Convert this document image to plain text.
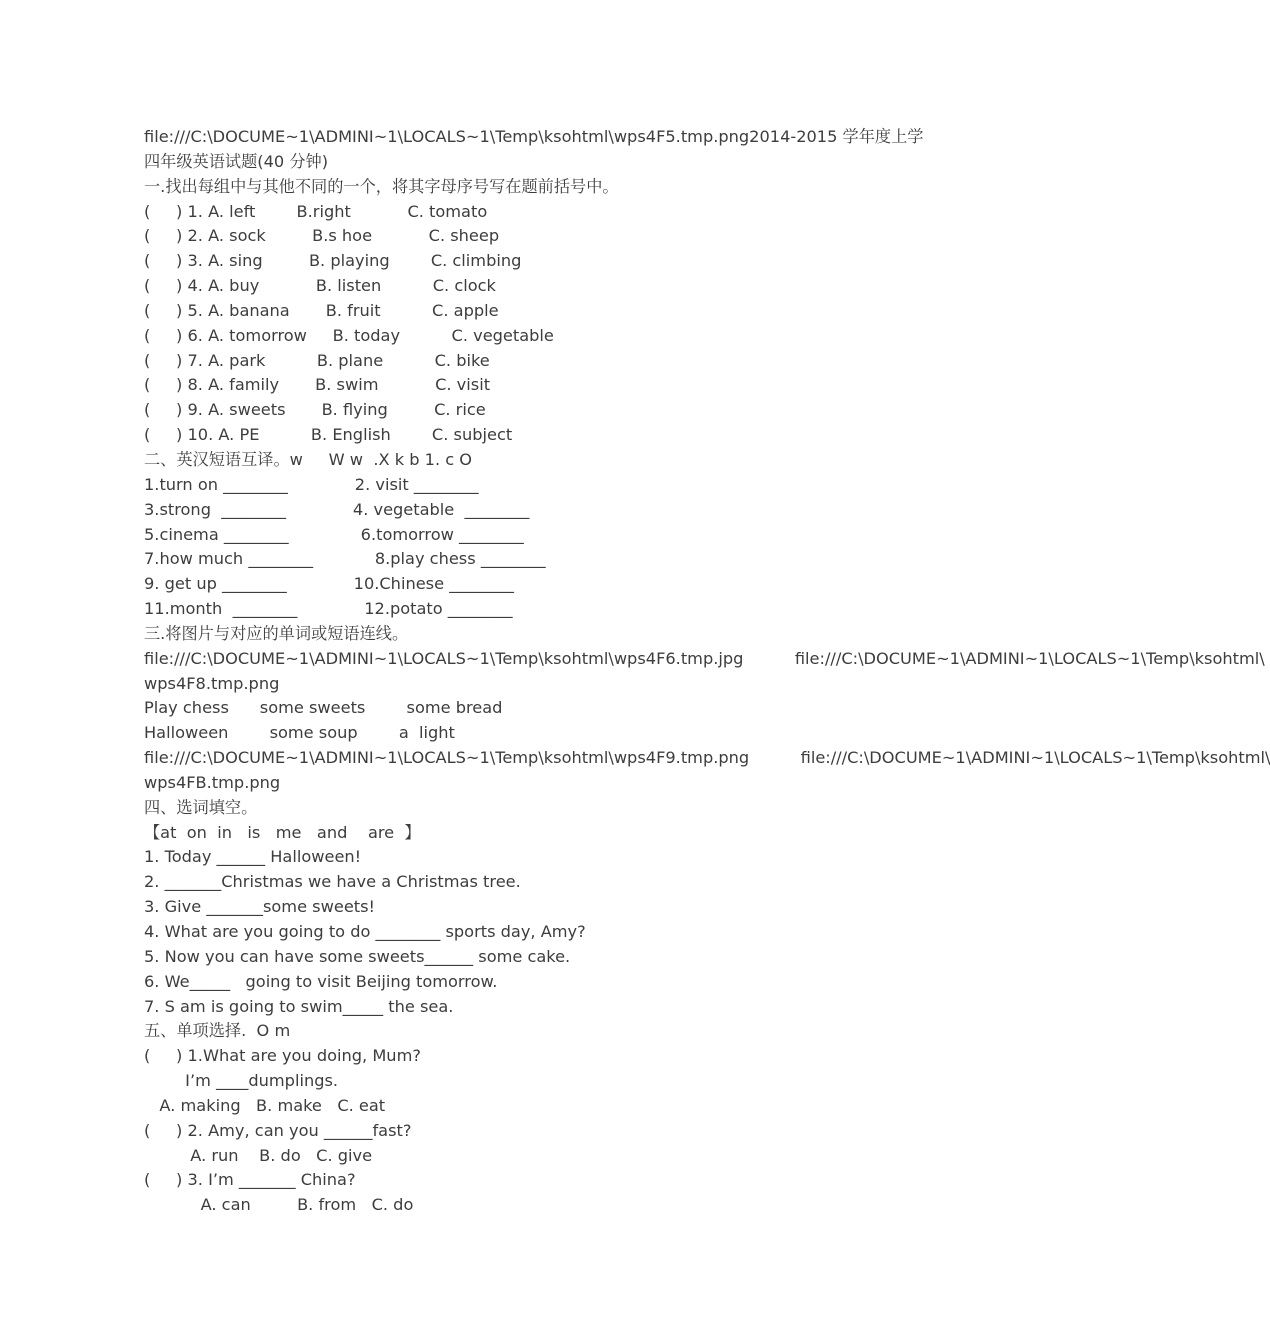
file:///C:\DOCUME~1\ADMINI~1\LOCALS~1\Temp\ksohtml\wps4F5.tmp.png2014-2015 学年度上学
四年级英语试题(40 分钟)
一.找出每组中与其他不同的一个，将其字母序号写在题前括号中。
(     ) 1. A. left        B.right           C. tomato
(     ) 2. A. sock         B.s hoe           C. sheep
(     ) 3. A. sing         B. playing        C. climbing
(     ) 4. A. buy           B. listen          C. clock
(     ) 5. A. banana       B. fruit          C. apple
(     ) 6. A. tomorrow     B. today          C. vegetable
(     ) 7. A. park          B. plane          C. bike
(     ) 8. A. family       B. swim           C. visit
(     ) 9. A. sweets       B. flying         C. rice
(     ) 10. A. PE          B. English        C. subject
二、英汉短语互译。w     W w  .X k b 1. c O
1.turn on ________             2. visit ________
3.strong  ________             4. vegetable  ________
5.cinema ________              6.tomorrow ________
7.how much ________            8.play chess ________
9. get up ________             10.Chinese ________
11.month  ________             12.potato ________
三.将图片与对应的单词或短语连线。
file:///C:\DOCUME~1\ADMINI~1\LOCALS~1\Temp\ksohtml\wps4F6.tmp.jpg          file:///C:\DOCUME~1\ADMINI~1\LOCALS~1\Temp\ksohtml\
wps4F8.tmp.png
Play chess      some sweets        some bread
Halloween        some soup        a  light
file:///C:\DOCUME~1\ADMINI~1\LOCALS~1\Temp\ksohtml\wps4F9.tmp.png          file:///C:\DOCUME~1\ADMINI~1\LOCALS~1\Temp\ksohtml\
wps4FB.tmp.png
四、选词填空。
【at  on  in   is   me   and    are  】
1. Today ______ Halloween!
2. _______Christmas we have a Christmas tree.
3. Give _______some sweets!
4. What are you going to do ________ sports day, Amy?
5. Now you can have some sweets______ some cake.
6. We_____   going to visit Beijing tomorrow.
7. S am is going to swim_____ the sea.
五、单项选择.  O m
(     ) 1.What are you doing, Mum?
I’m ____dumplings.
A. making   B. make   C. eat
(     ) 2. Amy, can you ______fast?
A. run    B. do   C. give
(     ) 3. I’m _______ China?
A. can         B. from   C. do
